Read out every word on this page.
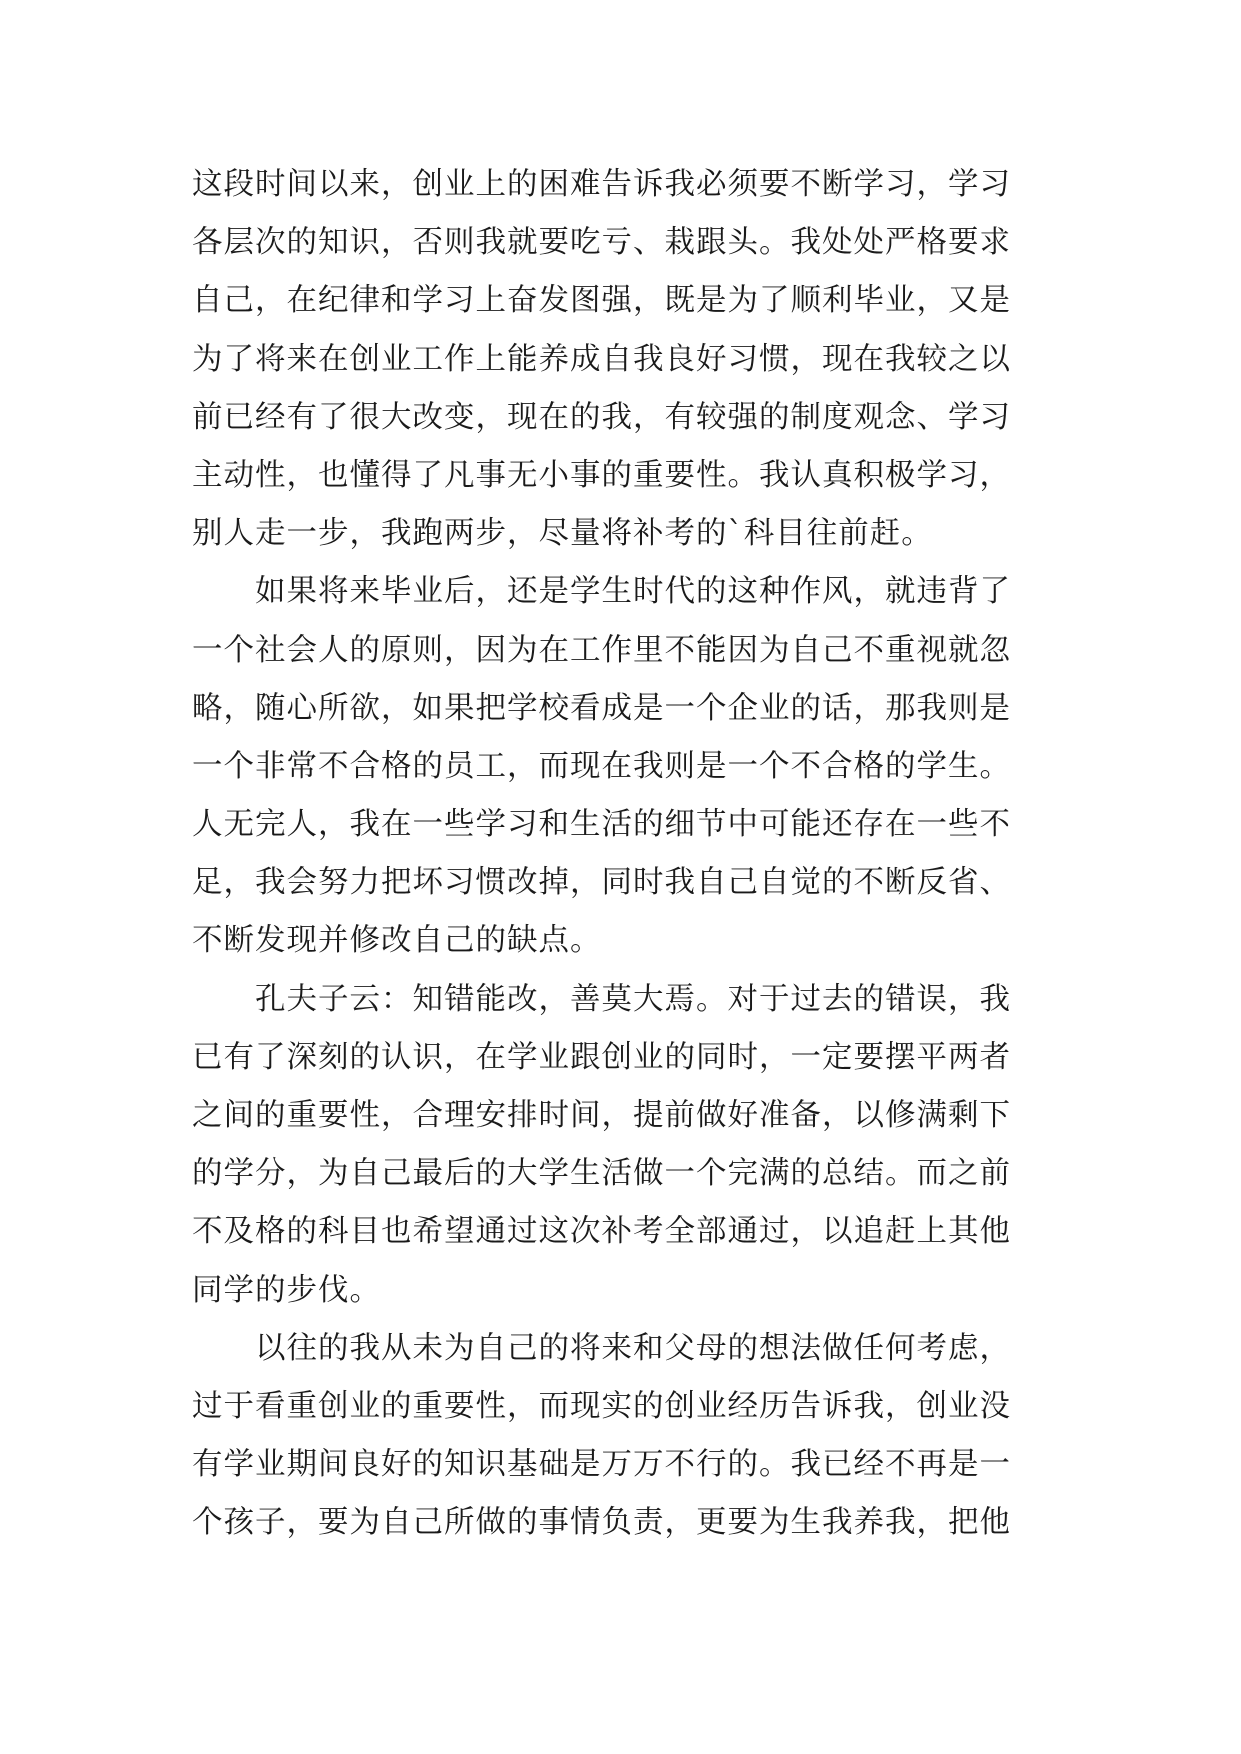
这段时间以来，创业上的困难告诉我必须要不断学习，学习
各层次的知识，否则我就要吃亏、栽跟头。我处处严格要求
自己，在纪律和学习上奋发图强，既是为了顺利毕业，又是
为了将来在创业工作上能养成自我良好习惯，现在我较之以
前已经有了很大改变，现在的我，有较强的制度观念、学习
主动性，也懂得了凡事无小事的重要性。我认真积极学习，
别人走一步，我跑两步，尽量将补考的`科目往前赶。
　　如果将来毕业后，还是学生时代的这种作风，就违背了
一个社会人的原则，因为在工作里不能因为自己不重视就忽
略，随心所欲，如果把学校看成是一个企业的话，那我则是
一个非常不合格的员工，而现在我则是一个不合格的学生。
人无完人，我在一些学习和生活的细节中可能还存在一些不
足，我会努力把坏习惯改掉，同时我自己自觉的不断反省、
不断发现并修改自己的缺点。
　　孔夫子云：知错能改，善莫大焉。对于过去的错误，我
已有了深刻的认识，在学业跟创业的同时，一定要摆平两者
之间的重要性，合理安排时间，提前做好准备，以修满剩下
的学分，为自己最后的大学生活做一个完满的总结。而之前
不及格的科目也希望通过这次补考全部通过，以追赶上其他
同学的步伐。
　　以往的我从未为自己的将来和父母的想法做任何考虑，
过于看重创业的重要性，而现实的创业经历告诉我，创业没
有学业期间良好的知识基础是万万不行的。我已经不再是一
个孩子，要为自己所做的事情负责，更要为生我养我，把他
